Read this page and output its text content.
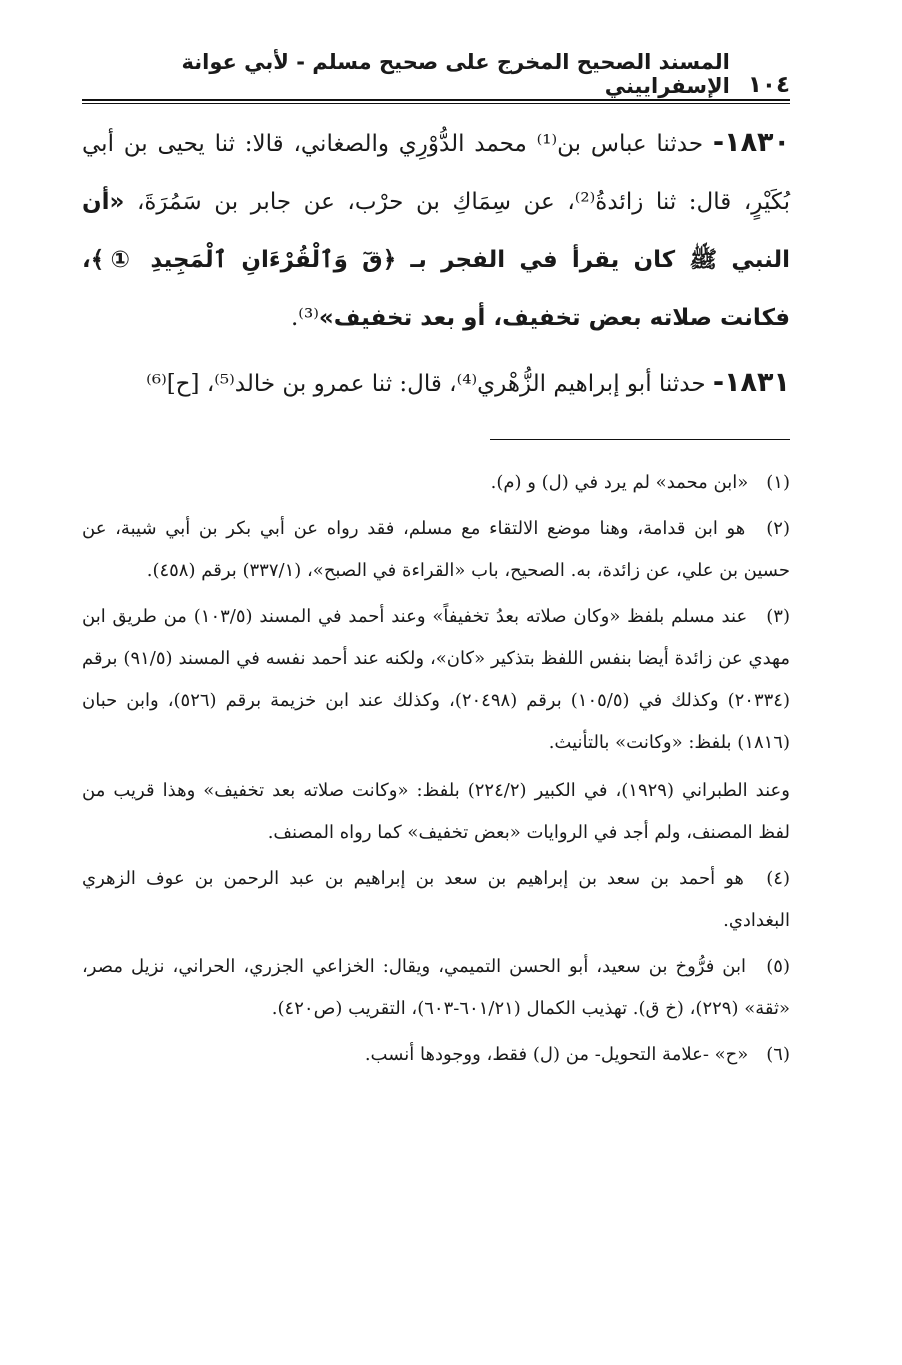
١٠٤
المسند الصحيح المخرج على صحيح مسلم - لأبي عوانة الإسفراييني
١٨٣٠- حدثنا عباس بن⁽¹⁾ محمد الدُّوْرِي والصغاني، قالا: ثنا يحيى بن أبي بُكَيْرٍ، قال: ثنا زائدةُ⁽²⁾، عن سِمَاكِ بن حرْب، عن جابر بن سَمُرَةَ، «أن النبي ﷺ كان يقرأ في الفجر بـ ﴿قٓ وَٱلْقُرْءَانِ ٱلْمَجِيدِ ①﴾، فكانت صلاته بعض تخفيف، أو بعد تخفيف»⁽³⁾.
١٨٣١- حدثنا أبو إبراهيم الزُّهْري⁽⁴⁾، قال: ثنا عمرو بن خالد⁽⁵⁾، [ح]⁽⁶⁾
(١) «ابن محمد» لم يرد في (ل) و (م).
(٢) هو ابن قدامة، وهنا موضع الالتقاء مع مسلم، فقد رواه عن أبي بكر بن أبي شيبة، عن حسين بن علي، عن زائدة، به. الصحيح، باب «القراءة في الصبح»، (٣٣٧/١) برقم (٤٥٨).
(٣) عند مسلم بلفظ «وكان صلاته بعدُ تخفيفاً» وعند أحمد في المسند (١٠٣/٥) من طريق ابن مهدي عن زائدة أيضا بنفس اللفظ بتذكير «كان»، ولكنه عند أحمد نفسه في المسند (٩١/٥) برقم (٢٠٣٣٤) وكذلك في (١٠٥/٥) برقم (٢٠٤٩٨)، وكذلك عند ابن خزيمة برقم (٥٢٦)، وابن حبان (١٨١٦) بلفظ: «وكانت» بالتأنيث.
وعند الطبراني (١٩٢٩)، في الكبير (٢٢٤/٢) بلفظ: «وكانت صلاته بعد تخفيف» وهذا قريب من لفظ المصنف، ولم أجد في الروايات «بعض تخفيف» كما رواه المصنف.
(٤) هو أحمد بن سعد بن إبراهيم بن سعد بن إبراهيم بن عبد الرحمن بن عوف الزهري البغدادي.
(٥) ابن فرُّوخ بن سعيد، أبو الحسن التميمي، ويقال: الخزاعي الجزري، الحراني، نزيل مصر، «ثقة» (٢٢٩)، (خ ق). تهذيب الكمال (٦٠١/٢١-٦٠٣)، التقريب (ص٤٢٠).
(٦) «ح» -علامة التحويل- من (ل) فقط، ووجودها أنسب.
